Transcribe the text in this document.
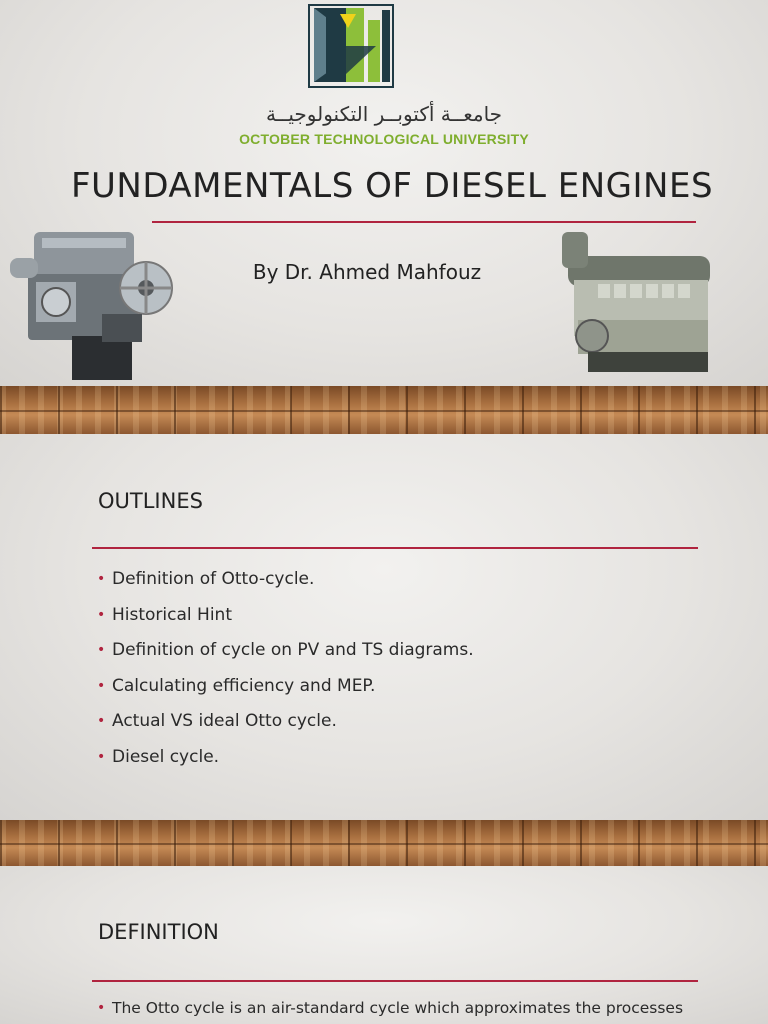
جامعــة أكتوبــر التكنولوجيــة
OCTOBER TECHNOLOGICAL UNIVERSITY
FUNDAMENTALS OF DIESEL ENGINES
By Dr. Ahmed Mahfouz
OUTLINES
• Definition of Otto-cycle.
• Historical Hint
• Definition of cycle on PV and TS diagrams.
• Calculating efficiency and MEP.
• Actual VS ideal Otto cycle.
• Diesel cycle.
DEFINITION
• The Otto cycle is an air-standard cycle which approximates the processes
